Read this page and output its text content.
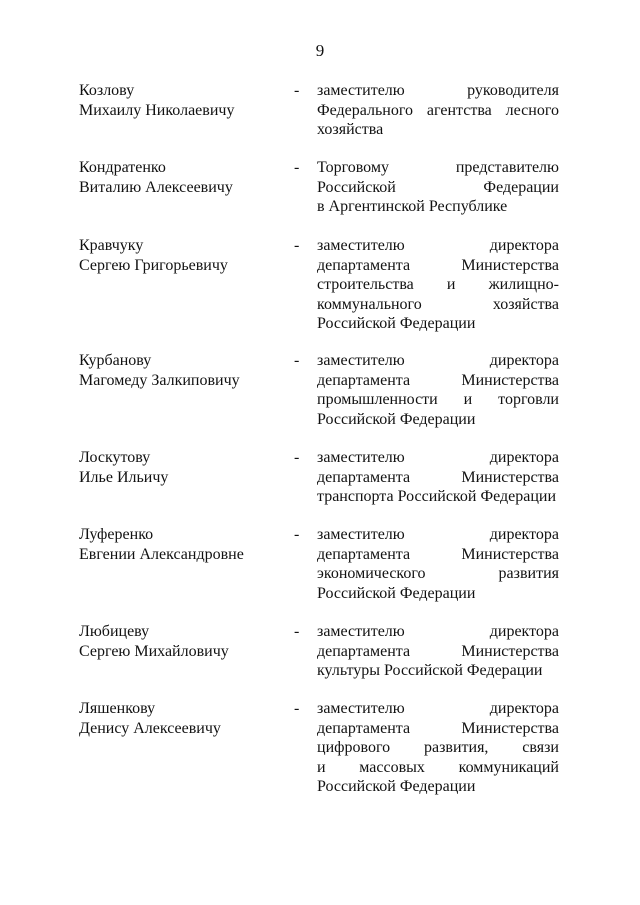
9
Козлову
Михаилу Николаевичу
- заместителю руководителя
Федерального агентства лесного
хозяйства
Кондратенко
Виталию Алексеевичу
- Торговому представителю
Российской Федерации
в Аргентинской Республике
Кравчуку
Сергею Григорьевичу
- заместителю директора
департамента Министерства
строительства и жилищно-
коммунального хозяйства
Российской Федерации
Курбанову
Магомеду Залкиповичу
- заместителю директора
департамента Министерства
промышленности и торговли
Российской Федерации
Лоскутову
Илье Ильичу
- заместителю директора
департамента Министерства
транспорта Российской Федерации
Луференко
Евгении Александровне
- заместителю директора
департамента Министерства
экономического развития
Российской Федерации
Любицеву
Сергею Михайловичу
- заместителю директора
департамента Министерства
культуры Российской Федерации
Ляшенкову
Денису Алексеевичу
- заместителю директора
департамента Министерства
цифрового развития, связи
и массовых коммуникаций
Российской Федерации
